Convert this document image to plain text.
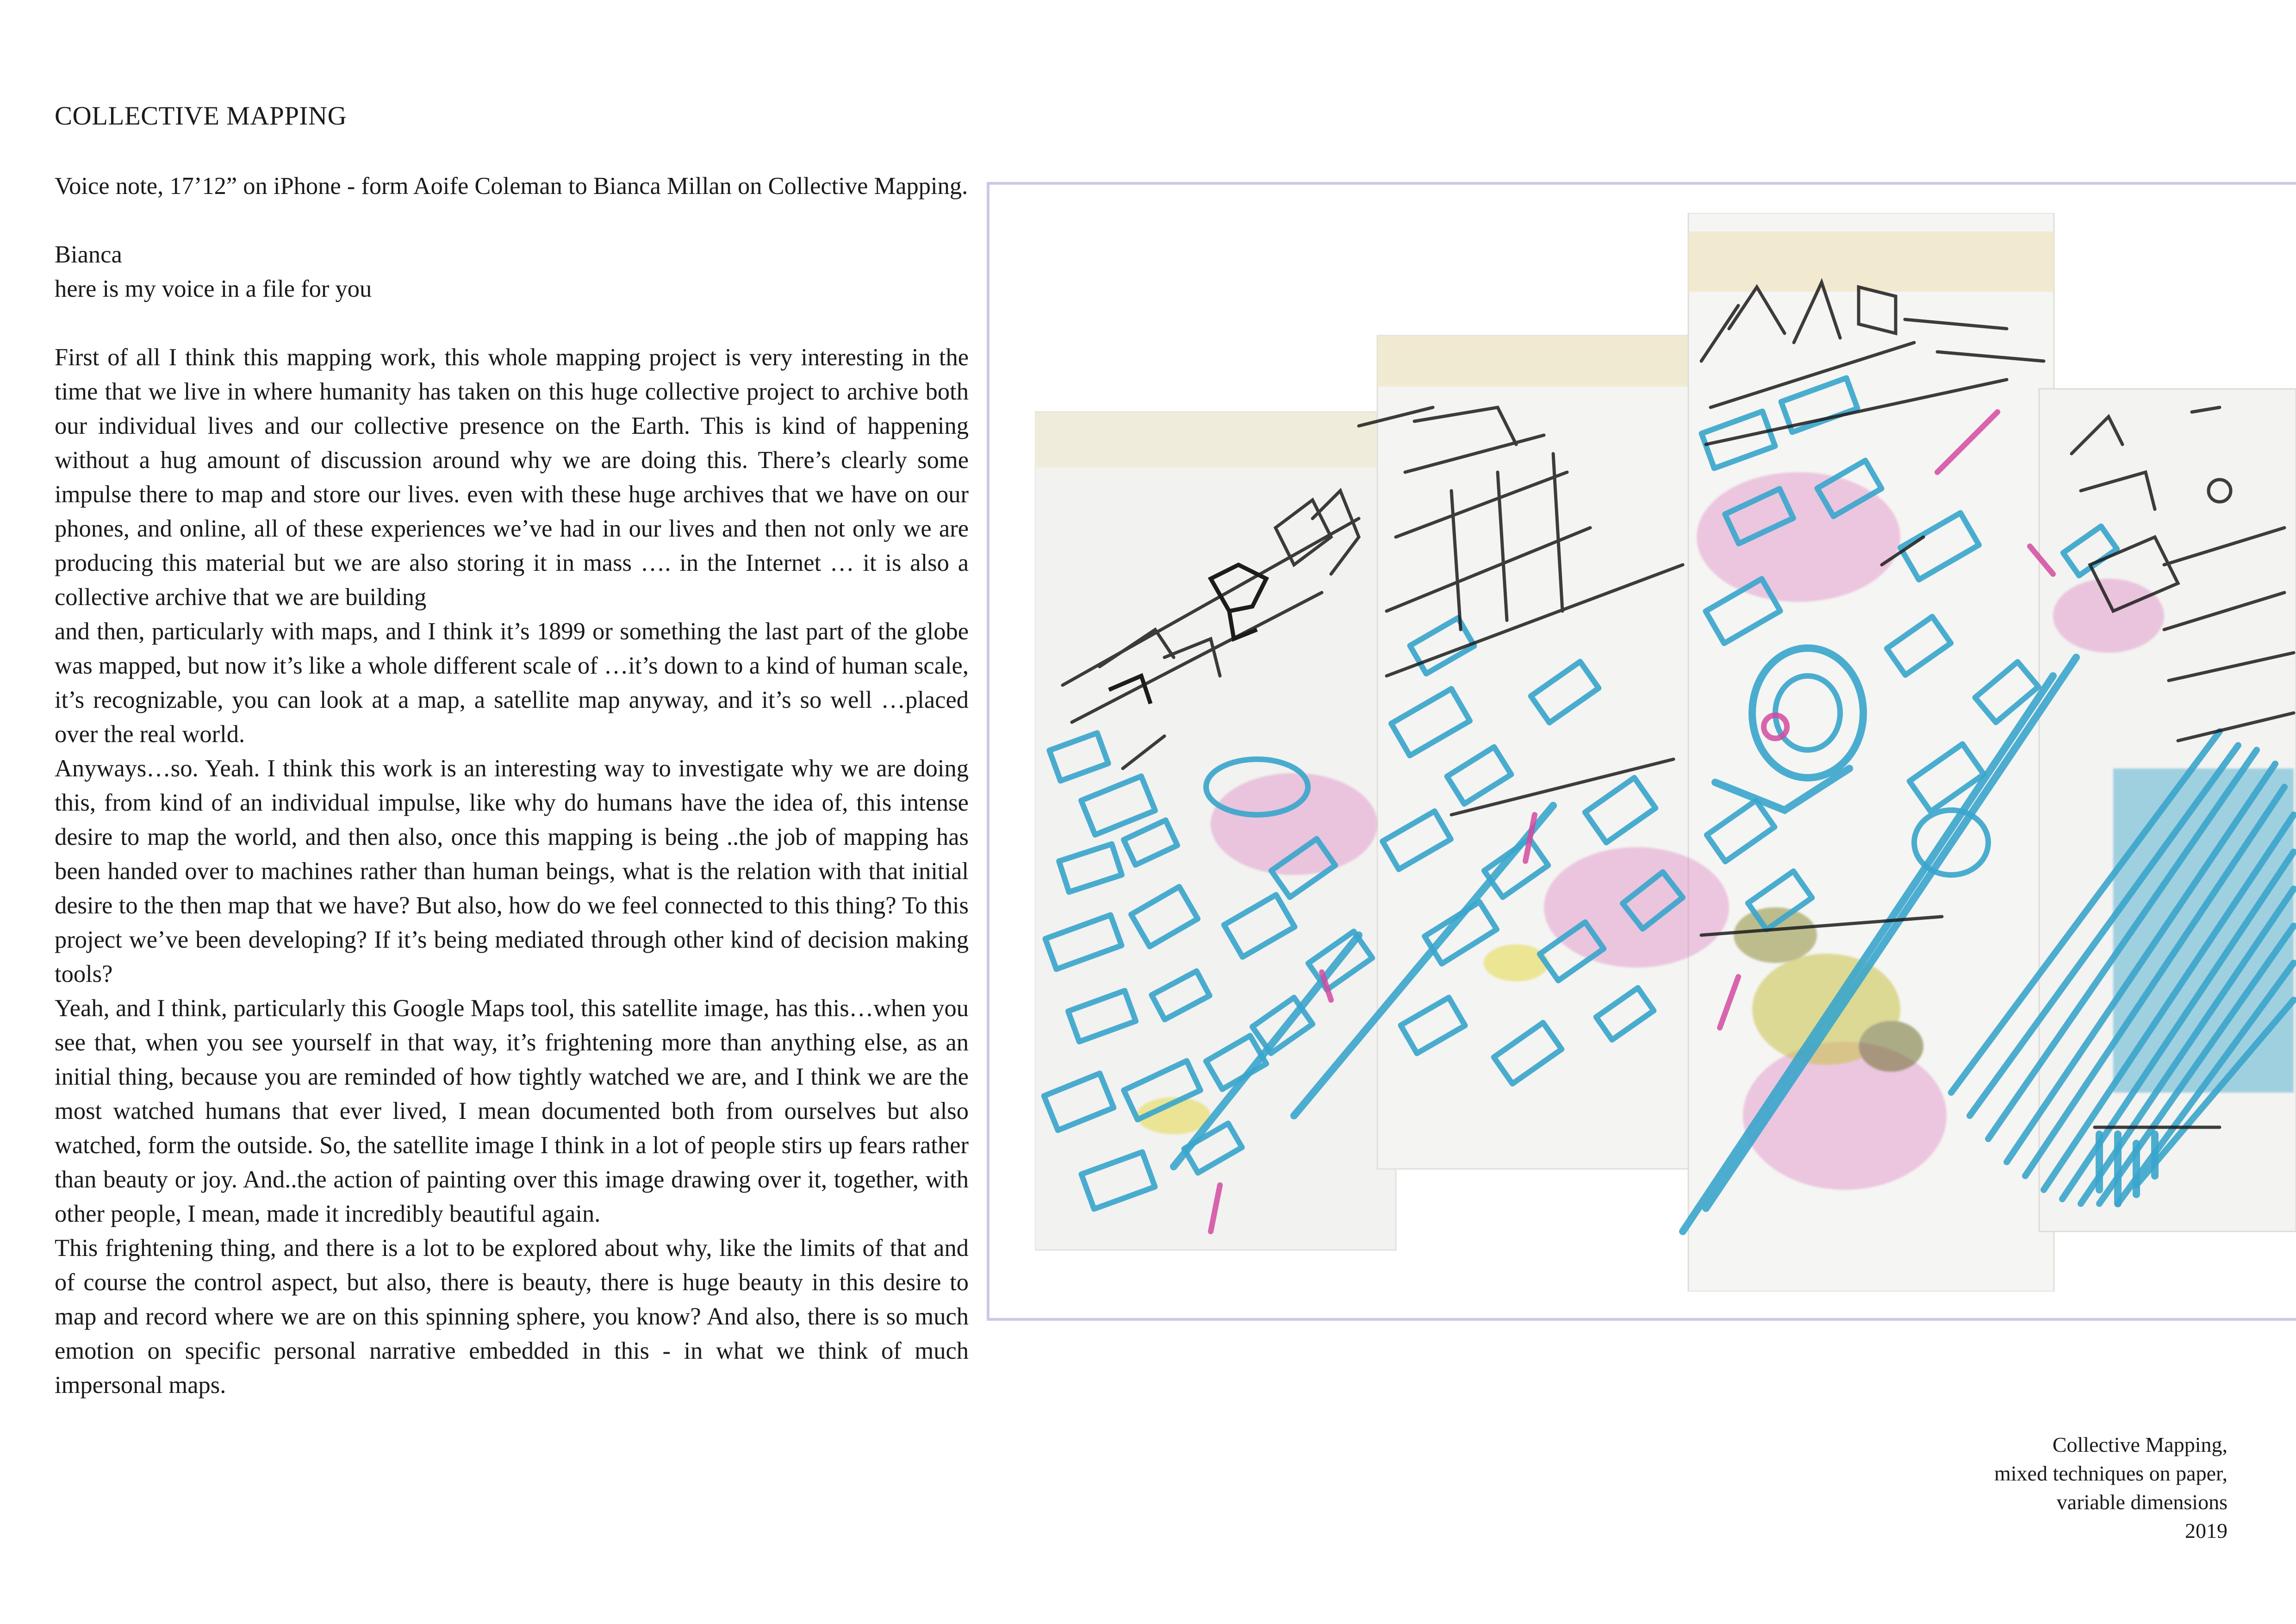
COLLECTIVE MAPPING

Voice note, 17’12” on iPhone - form Aoife Coleman to Bianca Millan on Collective Mapping.

Bianca

here is my voice in a file for you

First of all I think this mapping work, this whole mapping project is very interesting in the time that we live in where humanity has taken on this huge collective project to archive both our individual lives and our collective presence on the Earth. This is kind of happening without a hug amount of discussion around why we are doing this. There’s clearly some impulse there to map and store our lives. even with these huge archives that we have on our phones, and online, all of these experiences we’ve had in our lives and then not only we are producing this material but we are also storing it in mass …. in the Internet … it is also a collective archive that we are building

and then, particularly with maps, and I think it’s 1899 or something the last part of the globe was mapped, but now it’s like a whole different scale of …it’s down to a kind of human scale, it’s recognizable, you can look at a map, a satellite map anyway, and it’s so well …placed over the real world.

Anyways…so. Yeah. I think this work is an interesting way to investigate why we are doing this, from kind of an individual impulse, like why do humans have the idea of, this intense desire to map the world, and then also, once this mapping is being ..the job of mapping has been handed over to machines rather than human beings, what is the relation with that initial desire to the then map that we have? But also, how do we feel connected to this thing? To this project we’ve been developing? If it’s being mediated through other kind of decision making tools?

Yeah, and I think, particularly this Google Maps tool, this satellite image, has this…when you see that, when you see yourself in that way, it’s frightening more than anything else, as an initial thing, because you are reminded of how tightly watched we are, and I think we are the most watched humans that ever lived, I mean documented both from ourselves but also watched, form the outside. So, the satellite image I think in a lot of people stirs up fears rather than beauty or joy. And..the action of painting over this image drawing over it, together, with other people, I mean, made it incredibly beautiful again.

This frightening thing, and there is a lot to be explored about why, like the limits of that and of course the control aspect, but also, there is beauty, there is huge beauty in this desire to map and record where we are on this spinning sphere, you know? And also, there is so much emotion on specific personal narrative embedded in this - in what we think of much impersonal maps.

Collective Mapping,
mixed techniques on paper,
variable dimensions
2019
